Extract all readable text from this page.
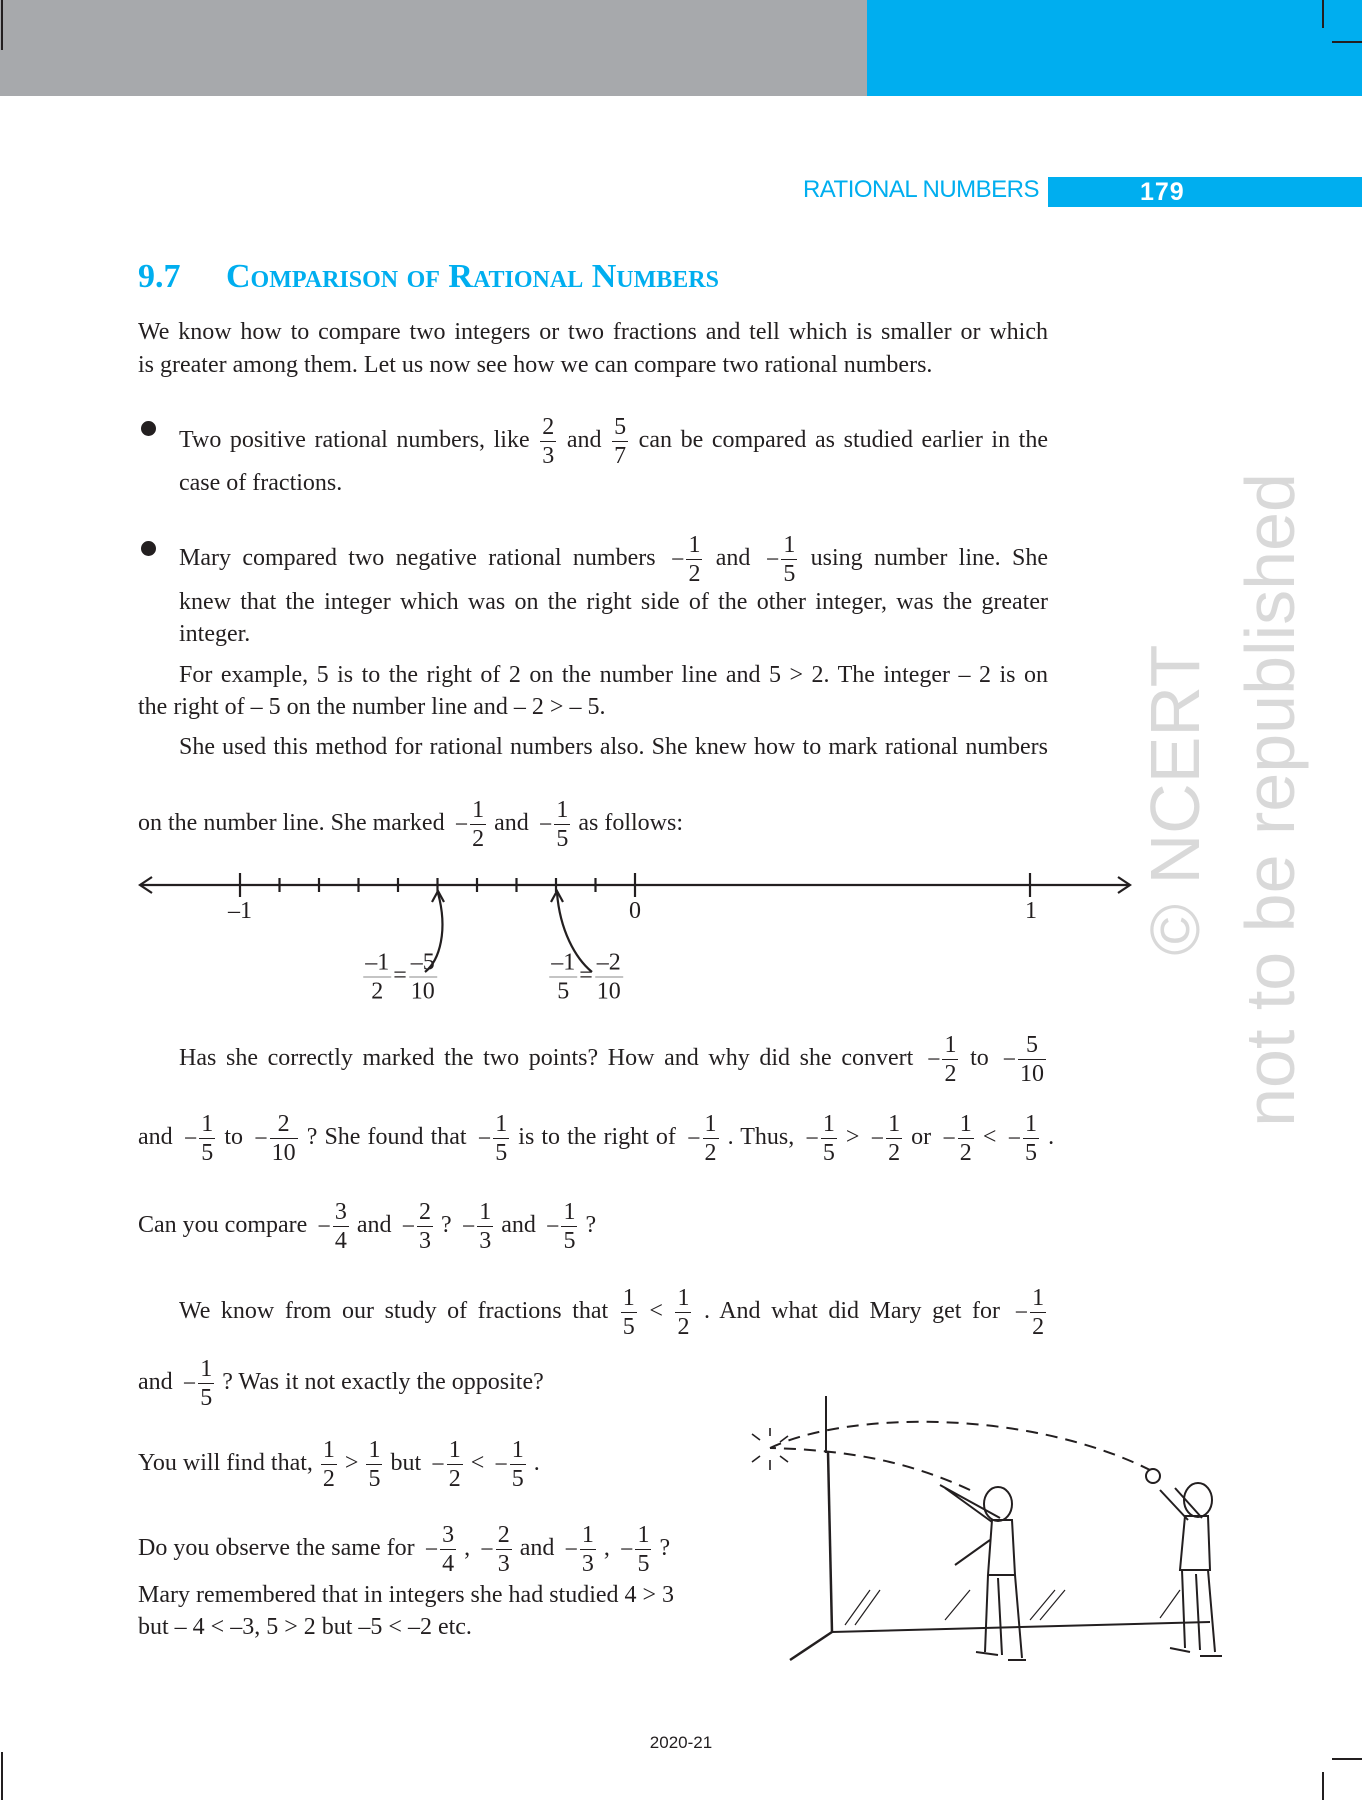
RATIONAL NUMBERS	179
9.7 Comparison of Rational Numbers
© NCERT not to be republished
We know how to compare two integers or two fractions and tell which is smaller or which
is greater among them. Let us now see how we can compare two rational numbers.
Two positive rational numbers, like $\frac{2}{3}$ and $\frac{5}{7}$ can be compared as studied earlier in the
case of fractions.
Mary compared two negative rational numbers − $\frac{1}{2}$ and − $\frac{1}{5}$ using number line. She
knew that the integer which was on the right side of the other integer, was the greater
integer.
For example, 5 is to the right of 2 on the number line and 5 > 2. The integer – 2 is on
the right of – 5 on the number line and – 2 > – 5.
She used this method for rational numbers also. She knew how to mark rational numbers
on the number line. She marked − $\frac{1}{2}$ and − $\frac{1}{5}$ as follows:
–1	0	1
$\frac{-1}{2} = \frac{-5}{10}$	$\frac{-1}{5} = \frac{-2}{10}$
Has she correctly marked the two points? How and why did she convert − $\frac{1}{2}$ to − $\frac{5}{10}$
and − $\frac{1}{5}$ to − $\frac{2}{10}$ ? She found that − $\frac{1}{5}$ is to the right of − $\frac{1}{2}$ . Thus, − $\frac{1}{5}$ > − $\frac{1}{2}$ or − $\frac{1}{2}$ < − $\frac{1}{5}$ .
Can you compare − $\frac{3}{4}$ and − $\frac{2}{3}$ ? − $\frac{1}{3}$ and − $\frac{1}{5}$ ?
We know from our study of fractions that $\frac{1}{5} < \frac{1}{2}$ . And what did Mary get for − $\frac{1}{2}$
and − $\frac{1}{5}$ ? Was it not exactly the opposite?
You will find that, $\frac{1}{2} > \frac{1}{5}$ but − $\frac{1}{2}$ < − $\frac{1}{5}$ .
Do you observe the same for − $\frac{3}{4}$ , − $\frac{2}{3}$ and − $\frac{1}{3}$ , − $\frac{1}{5}$ ?
Mary remembered that in integers she had studied 4 > 3
but – 4 < –3, 5 > 2 but –5 < –2 etc.
2020-21
